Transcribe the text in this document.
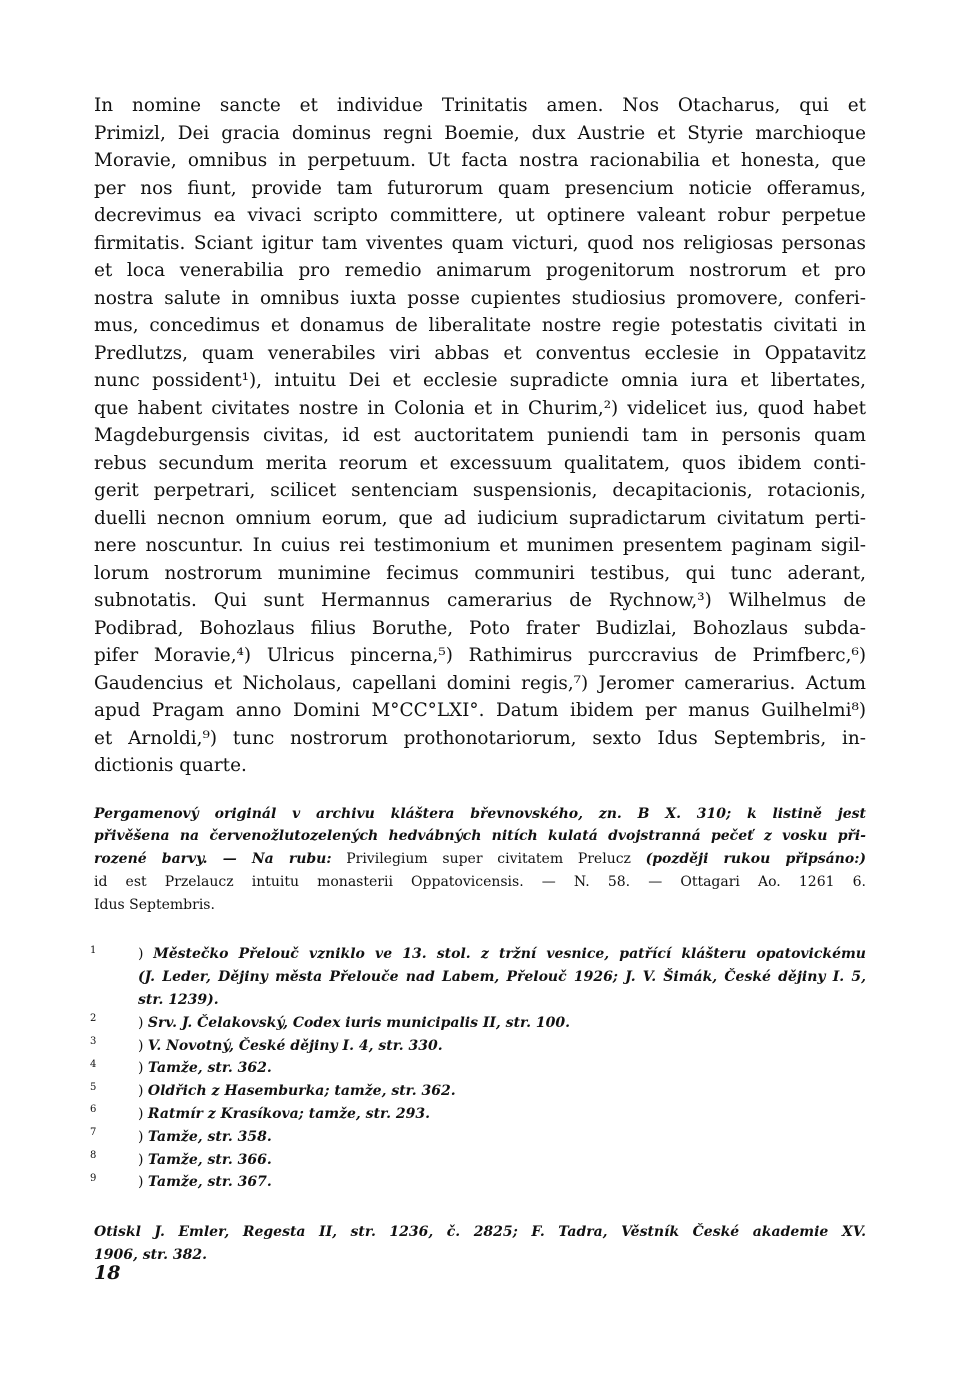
In nomine sancte et individue Trinitatis amen. Nos Otacharus, qui et
Primizl, Dei gracia dominus regni Boemie, dux Austrie et Styrie marchioque
Moravie, omnibus in perpetuum. Ut facta nostra racionabilia et honesta, que
per nos fiunt, provide tam futurorum quam presencium noticie offeramus,
decrevimus ea vivaci scripto committere, ut optinere valeant robur perpetue
firmitatis. Sciant igitur tam viventes quam victuri, quod nos religiosas personas
et loca venerabilia pro remedio animarum progenitorum nostrorum et pro
nostra salute in omnibus iuxta posse cupientes studiosius promovere, conferi-
mus, concedimus et donamus de liberalitate nostre regie potestatis civitati in
Predlutzs, quam venerabiles viri abbas et conventus ecclesie in Oppatavitz
nunc possident¹), intuitu Dei et ecclesie supradicte omnia iura et libertates,
que habent civitates nostre in Colonia et in Churim,²) videlicet ius, quod habet
Magdeburgensis civitas, id est auctoritatem puniendi tam in personis quam
rebus secundum merita reorum et excessuum qualitatem, quos ibidem conti-
gerit perpetrari, scilicet sentenciam suspensionis, decapitacionis, rotacionis,
duelli necnon omnium eorum, que ad iudicium supradictarum civitatum perti-
nere noscuntur. In cuius rei testimonium et munimen presentem paginam sigil-
lorum nostrorum munimine fecimus communiri testibus, qui tunc aderant,
subnotatis. Qui sunt Hermannus camerarius de Rychnow,³) Wilhelmus de
Podibrad, Bohozlaus filius Boruthe, Poto frater Budizlai, Bohozlaus subda-
pifer Moravie,⁴) Ulricus pincerna,⁵) Rathimirus purccravius de Primfberc,⁶)
Gaudencius et Nicholaus, capellani domini regis,⁷) Jeromer camerarius. Actum
apud Pragam anno Domini M°CC°LXI°. Datum ibidem per manus Guilhelmi⁸)
et Arnoldi,⁹) tunc nostrorum prothonotariorum, sexto Idus Septembris, in-
dictionis quarte.

Pergamenový originál v archivu kláštera břevnovského, zn. B X. 310; k listině jest
přivěšena na červenožlutozelených hedvábných nitích kulatá dvojstranná pečeť z vosku při-
rozené barvy. — Na rubu: Privilegium super civitatem Prelucz (později rukou připsáno:)
id est Przelaucz intuitu monasterii Oppatovicensis. — N. 58. — Ottagari Ao. 1261 6.
Idus Septembris.
1	) Městečko Přelouč vzniklo ve 13. stol. z tržní vesnice, patřící klášteru opatovickému
(J. Leder, Dějiny města Přelouče nad Labem, Přelouč 1926; J. V. Šimák, České dějiny I. 5,
str. 1239).
2	) Srv. J. Čelakovský, Codex iuris municipalis II, str. 100.
3	) V. Novotný, České dějiny I. 4, str. 330.
4	) Tamže, str. 362.
5	) Oldřich z Hasemburka; tamže, str. 362.
6	) Ratmír z Krasíkova; tamže, str. 293.
7	) Tamže, str. 358.
8	) Tamže, str. 366.
9	) Tamže, str. 367.
Otiskl J. Emler, Regesta II, str. 1236, č. 2825; F. Tadra, Věstník České akademie XV.
1906, str. 382.
18
